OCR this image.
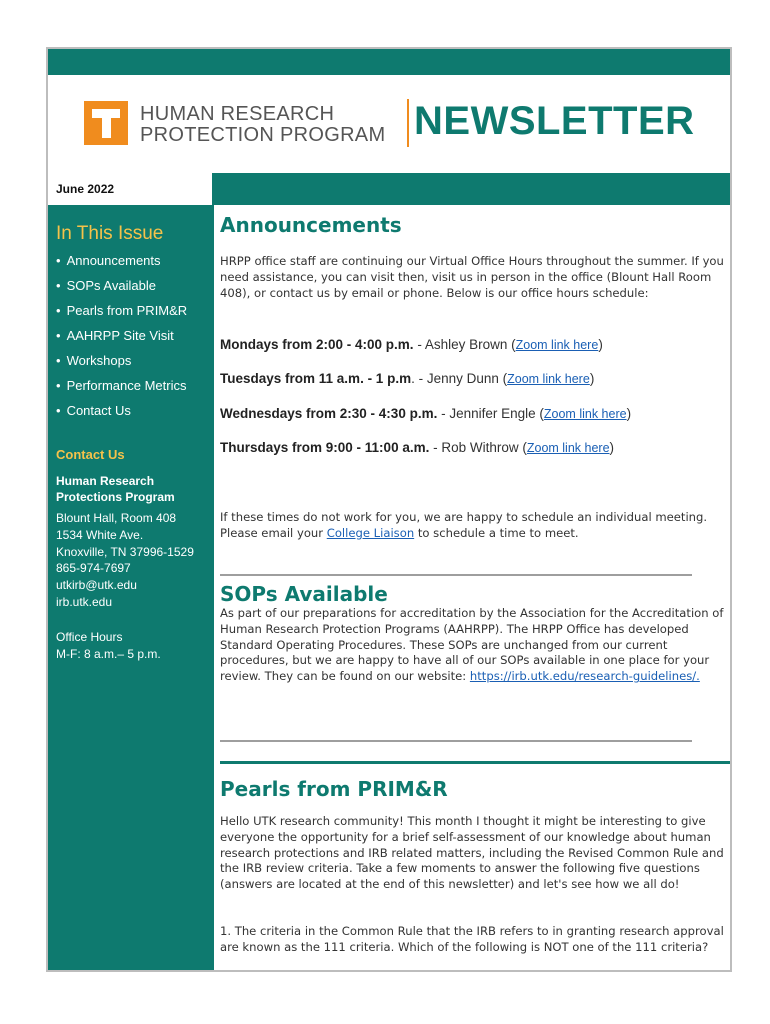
HUMAN RESEARCH
PROTECTION PROGRAM NEWSLETTER
June 2022
In This Issue
• Announcements
• SOPs Available
• Pearls from PRIM&R
• AAHRPP Site Visit
• Workshops
• Performance Metrics
• Contact Us
Contact Us
Human Research
Protections Program
Blount Hall, Room 408
1534 White Ave.
Knoxville, TN 37996-1529
865-974-7697
utkirb@utk.edu
irb.utk.edu
Office Hours
M-F: 8 a.m.– 5 p.m.
Announcements
HRPP office staff are continuing our Virtual Office Hours throughout the summer. If you need assistance, you can visit then, visit us in person in the office (Blount Hall Room 408), or contact us by email or phone. Below is our office hours schedule:
Mondays from 2:00 - 4:00 p.m. - Ashley Brown (Zoom link here)
Tuesdays from 11 a.m. - 1 p.m. - Jenny Dunn (Zoom link here)
Wednesdays from 2:30 - 4:30 p.m. - Jennifer Engle (Zoom link here)
Thursdays from 9:00 - 11:00 a.m. - Rob Withrow (Zoom link here)
If these times do not work for you, we are happy to schedule an individual meeting. Please email your College Liaison to schedule a time to meet.
SOPs Available
As part of our preparations for accreditation by the Association for the Accreditation of Human Research Protection Programs (AAHRPP). The HRPP Office has developed Standard Operating Procedures. These SOPs are unchanged from our current procedures, but we are happy to have all of our SOPs available in one place for your review. They can be found on our website: https://irb.utk.edu/research-guidelines/.
Pearls from PRIM&R
Hello UTK research community! This month I thought it might be interesting to give everyone the opportunity for a brief self-assessment of our knowledge about human research protections and IRB related matters, including the Revised Common Rule and the IRB review criteria. Take a few moments to answer the following five questions (answers are located at the end of this newsletter) and let's see how we all do!
1. The criteria in the Common Rule that the IRB refers to in granting research approval are known as the 111 criteria. Which of the following is NOT one of the 111 criteria?
